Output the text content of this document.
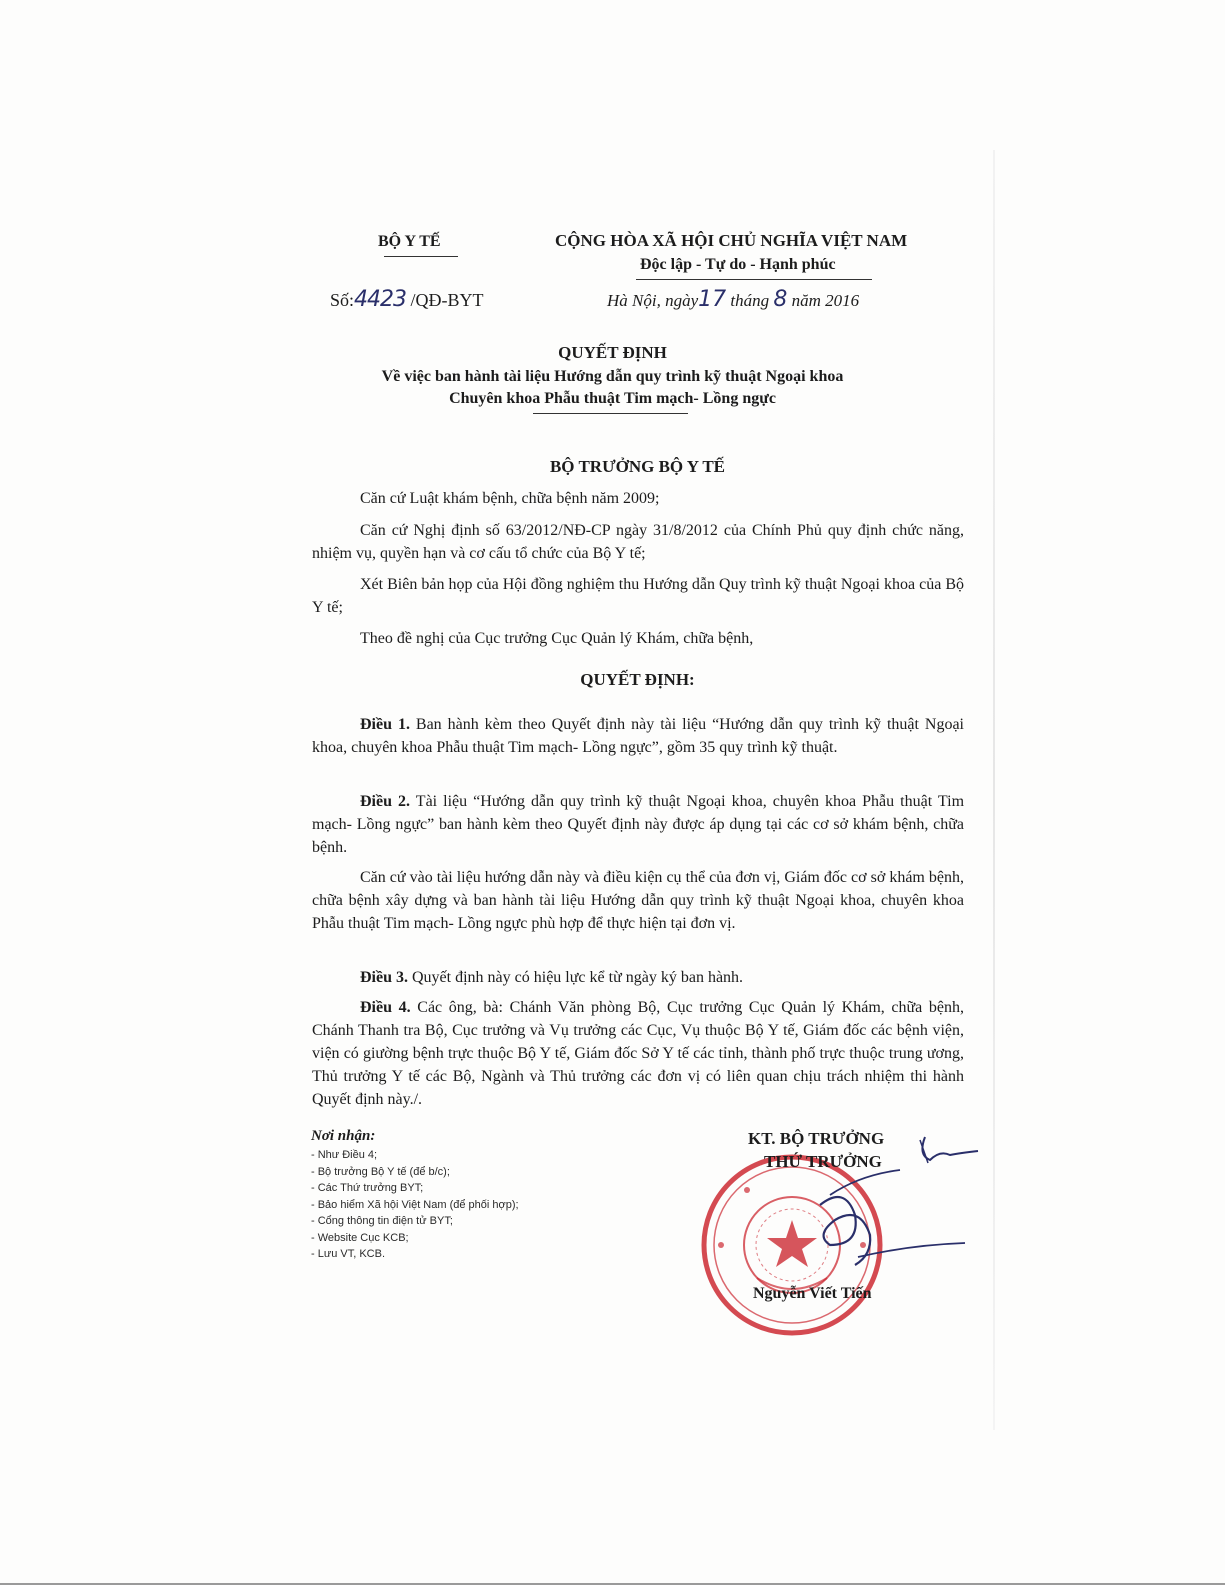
BỘ Y TẾ	CỘNG HÒA XÃ HỘI CHỦ NGHĨA VIỆT NAM
Độc lập - Tự do - Hạnh phúc
Số:4423 /QĐ-BYT	Hà Nội, ngày17 tháng 8 năm 2016
QUYẾT ĐỊNH
Về việc ban hành tài liệu Hướng dẫn quy trình kỹ thuật Ngoại khoa
Chuyên khoa Phẫu thuật Tim mạch- Lồng ngực
BỘ TRƯỞNG BỘ Y TẾ
Căn cứ Luật khám bệnh, chữa bệnh năm 2009;
Căn cứ Nghị định số 63/2012/NĐ-CP ngày 31/8/2012 của Chính Phủ quy định chức năng, nhiệm vụ, quyền hạn và cơ cấu tổ chức của Bộ Y tế;
Xét Biên bản họp của Hội đồng nghiệm thu Hướng dẫn Quy trình kỹ thuật Ngoại khoa của Bộ Y tế;
Theo đề nghị của Cục trưởng Cục Quản lý Khám, chữa bệnh,
QUYẾT ĐỊNH:
Điều 1. Ban hành kèm theo Quyết định này tài liệu “Hướng dẫn quy trình kỹ thuật Ngoại khoa, chuyên khoa Phẫu thuật Tim mạch- Lồng ngực”, gồm 35 quy trình kỹ thuật.
Điều 2. Tài liệu “Hướng dẫn quy trình kỹ thuật Ngoại khoa, chuyên khoa Phẫu thuật Tim mạch- Lồng ngực” ban hành kèm theo Quyết định này được áp dụng tại các cơ sở khám bệnh, chữa bệnh.
Căn cứ vào tài liệu hướng dẫn này và điều kiện cụ thể của đơn vị, Giám đốc cơ sở khám bệnh, chữa bệnh xây dựng và ban hành tài liệu Hướng dẫn quy trình kỹ thuật Ngoại khoa, chuyên khoa Phẫu thuật Tim mạch- Lồng ngực phù hợp để thực hiện tại đơn vị.
Điều 3. Quyết định này có hiệu lực kể từ ngày ký ban hành.
Điều 4. Các ông, bà: Chánh Văn phòng Bộ, Cục trưởng Cục Quản lý Khám, chữa bệnh, Chánh Thanh tra Bộ, Cục trưởng và Vụ trưởng các Cục, Vụ thuộc Bộ Y tế, Giám đốc các bệnh viện, viện có giường bệnh trực thuộc Bộ Y tế, Giám đốc Sở Y tế các tỉnh, thành phố trực thuộc trung ương, Thủ trưởng Y tế các Bộ, Ngành và Thủ trưởng các đơn vị có liên quan chịu trách nhiệm thi hành Quyết định này./.
Nơi nhận:
- Như Điều 4;
- Bộ trưởng Bộ Y tế (để b/c);
- Các Thứ trưởng BYT;
- Bảo hiểm Xã hội Việt Nam (để phối hợp);
- Cổng thông tin điện tử BYT;
- Website Cục KCB;
- Lưu VT, KCB.
KT. BỘ TRƯỞNG
THỨ TRƯỞNG
Nguyễn Viết Tiến
